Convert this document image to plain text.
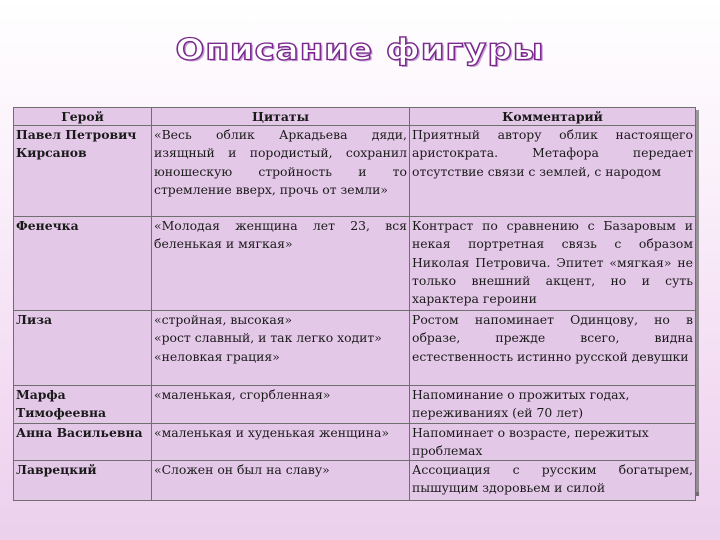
Описание фигуры
Герой	Цитаты	Комментарий
Павел Петрович Кирсанов	«Весь облик Аркадьева дяди, изящный и породистый, сохранил юношескую стройность и то стремление вверх, прочь от земли»	Приятный автору облик настоящего аристократа. Метафора передает отсутствие связи с землей, с народом
Фенечка	«Молодая женщина лет 23, вся беленькая и мягкая»	Контраст по сравнению с Базаровым и некая портретная связь с образом Николая Петровича. Эпитет «мягкая» не только внешний акцент, но и суть характера героини
Лиза	«стройная, высокая»
«рост славный, и так легко ходит»
«неловкая грация»	Ростом напоминает Одинцову, но в образе, прежде всего, видна естественность истинно русской девушки
Марфа Тимофеевна	«маленькая, сгорбленная»	Напоминание о прожитых годах, переживаниях (ей 70 лет)
Анна Васильевна	«маленькая и худенькая женщина»	Напоминает о возрасте, пережитых проблемах
Лаврецкий	«Сложен он был на славу»	Ассоциация с русским богатырем, пышущим здоровьем и силой
